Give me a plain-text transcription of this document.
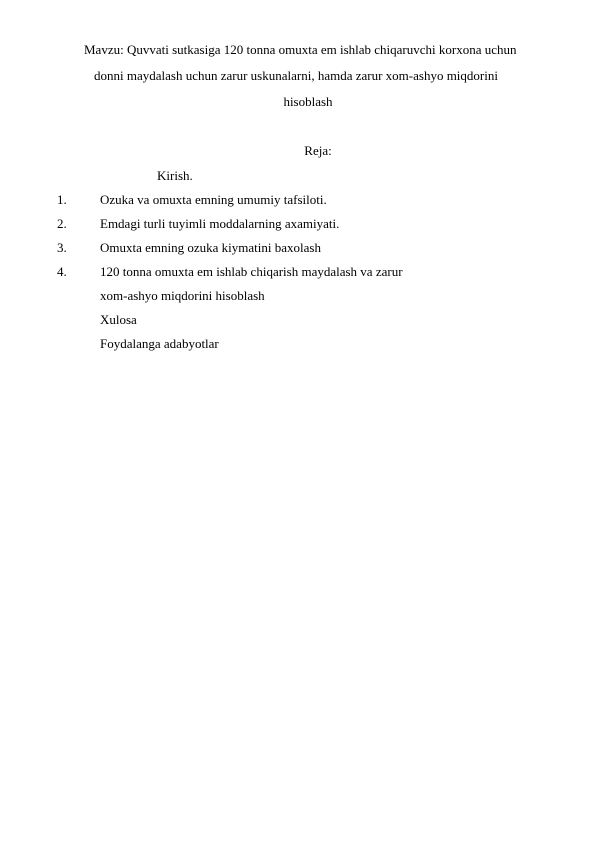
Mavzu: Quvvati sutkasiga 120 tonna omuxta em ishlab chiqaruvchi korxona uchun
donni maydalash uchun zarur uskunalarni, hamda zarur xom-ashyo miqdorini
hisoblash
Reja:
Kirish.
1.	Ozuka va omuxta emning umumiy tafsiloti.
2.	Emdagi turli tuyimli moddalarning axamiyati.
3.	Omuxta emning ozuka kiymatini baxolash
4.	120 tonna omuxta em ishlab chiqarish maydalash va zarur
xom-ashyo miqdorini hisoblash
Xulosa
Foydalanga adabyotlar
